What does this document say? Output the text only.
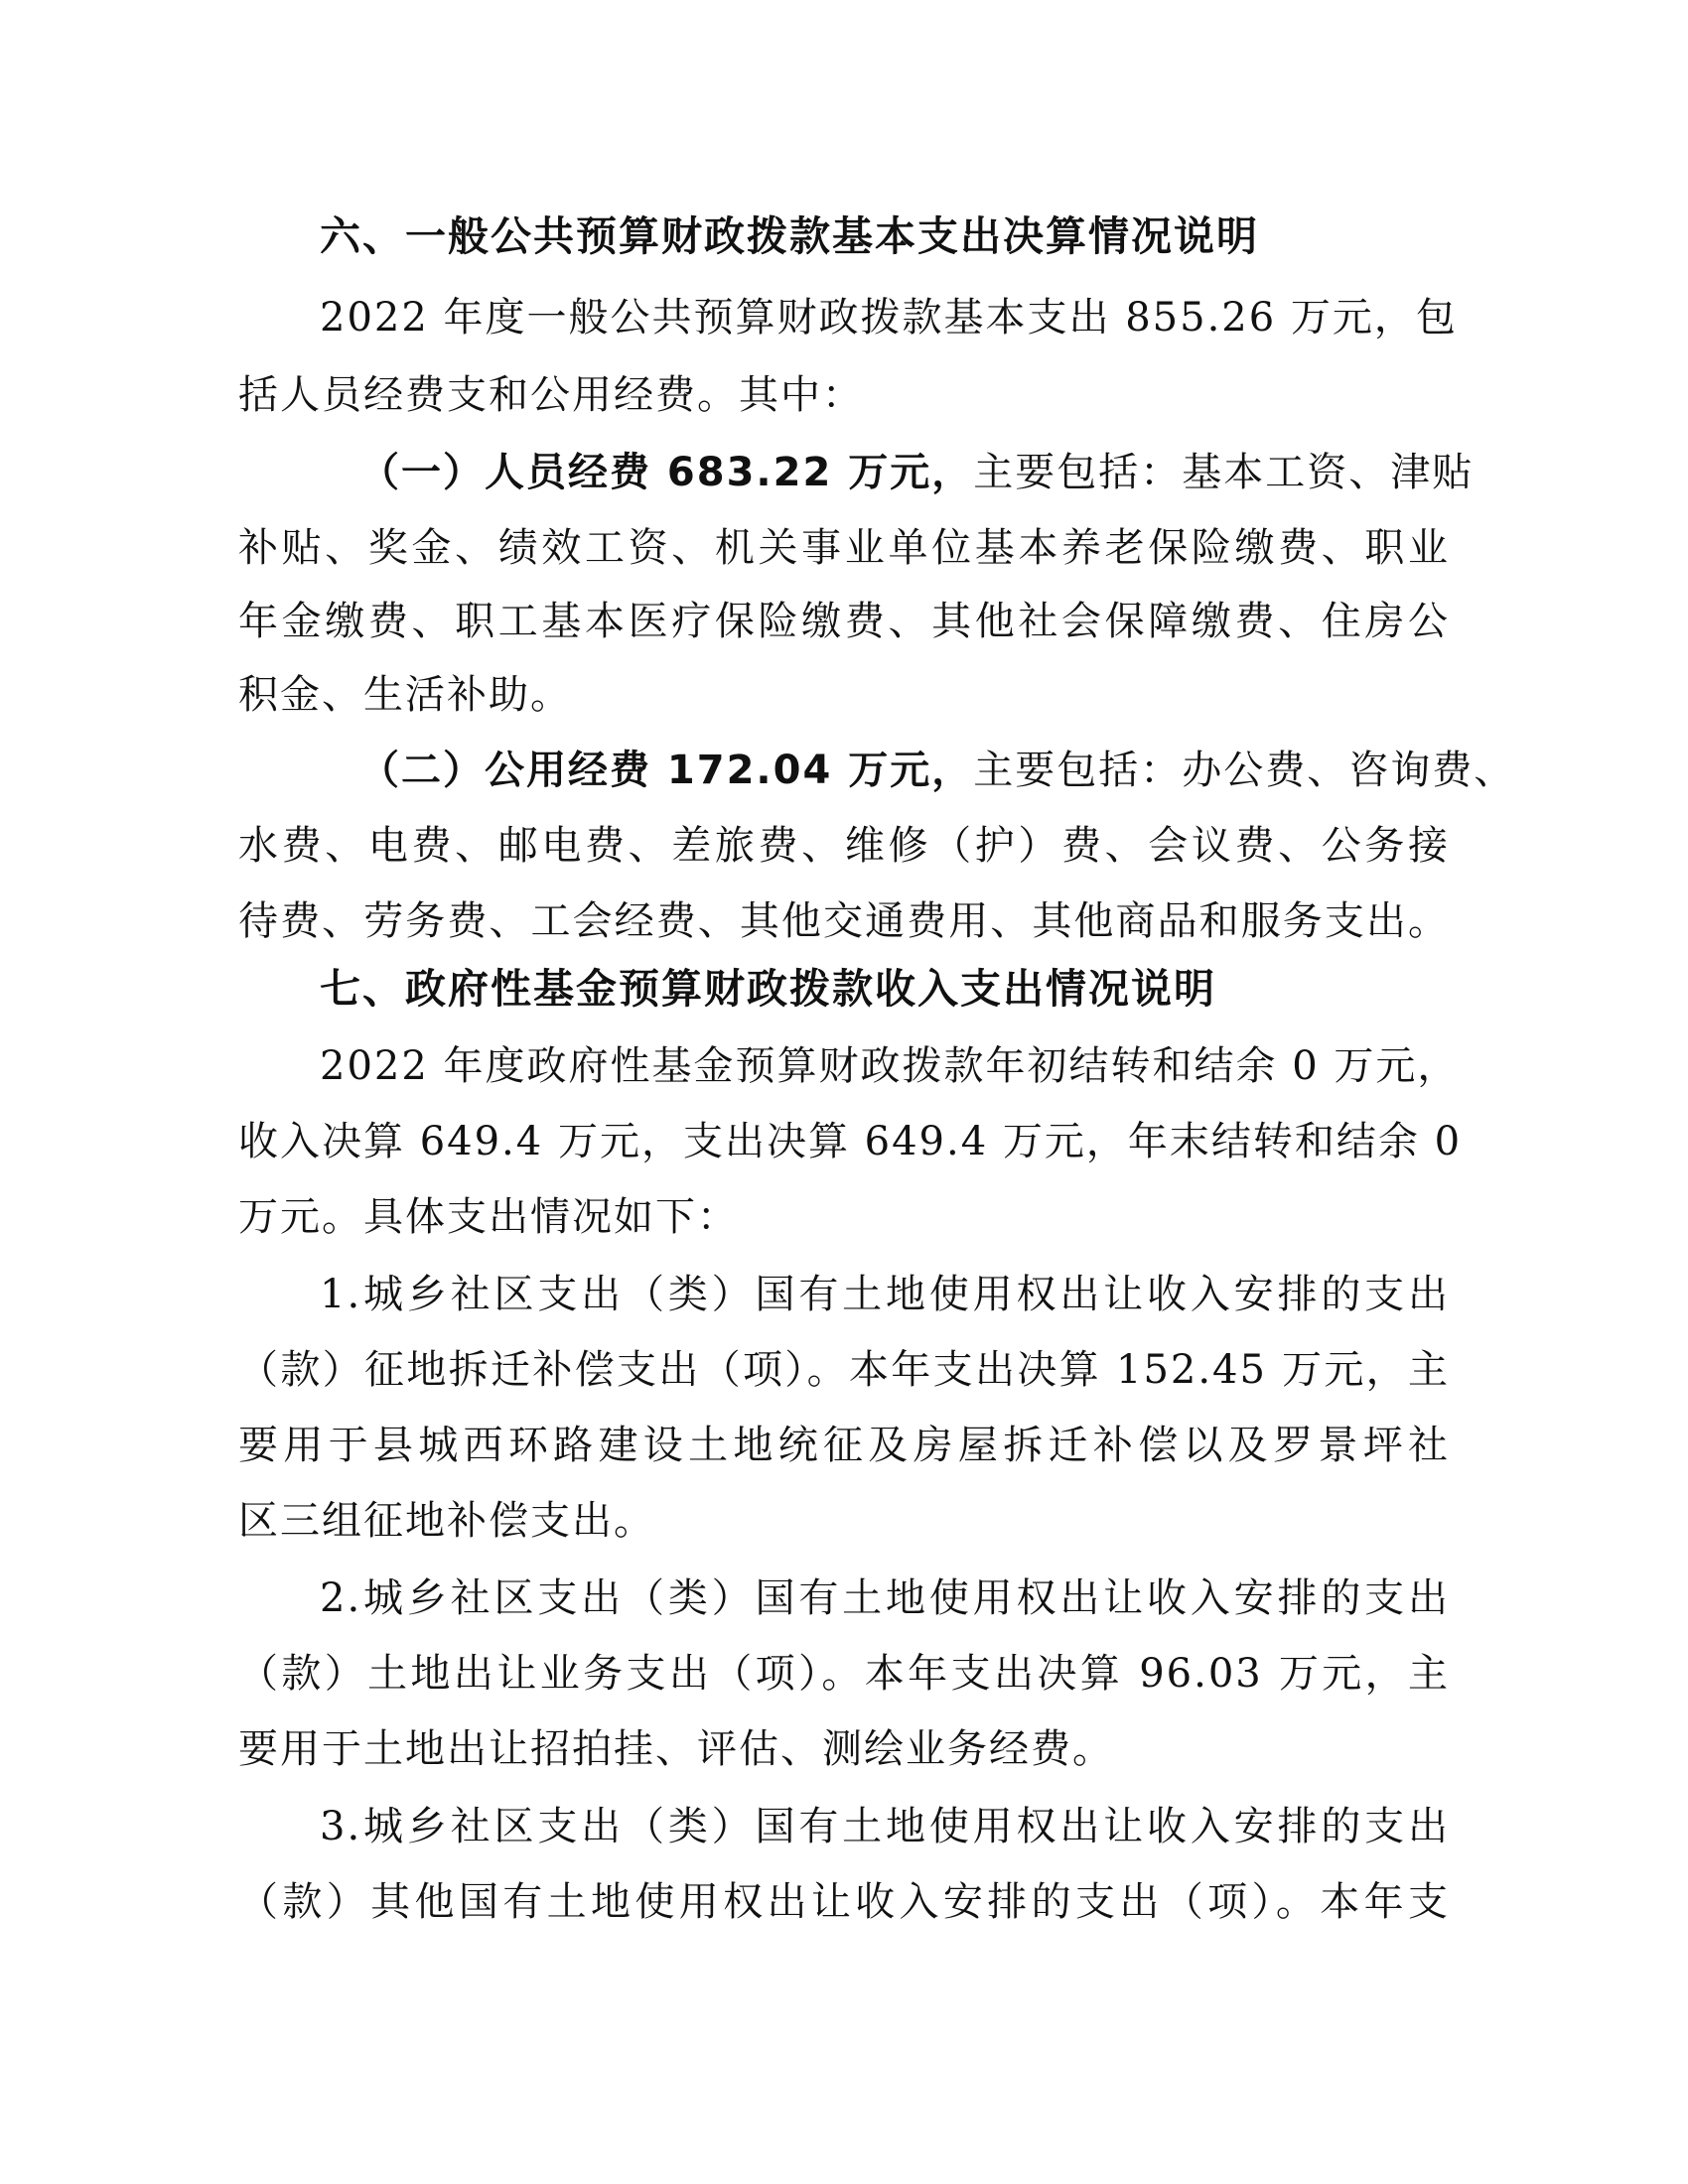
六、一般公共预算财政拨款基本支出决算情况说明
2022 年度一般公共预算财政拨款基本支出 855.26 万元，包
括人员经费支和公用经费。其中：
（一）人员经费 683.22 万元，主要包括：基本工资、津贴
补贴、奖金、绩效工资、机关事业单位基本养老保险缴费、职业
年金缴费、职工基本医疗保险缴费、其他社会保障缴费、住房公
积金、生活补助。
（二）公用经费 172.04 万元，主要包括：办公费、咨询费、
水费、电费、邮电费、差旅费、维修（护）费、会议费、公务接
待费、劳务费、工会经费、其他交通费用、其他商品和服务支出。
七、政府性基金预算财政拨款收入支出情况说明
2022 年度政府性基金预算财政拨款年初结转和结余 0 万元，
收入决算 649.4 万元，支出决算 649.4 万元，年末结转和结余 0
万元。具体支出情况如下：
1.城乡社区支出（类）国有土地使用权出让收入安排的支出
（款）征地拆迁补偿支出（项）。本年支出决算 152.45 万元，主
要用于县城西环路建设土地统征及房屋拆迁补偿以及罗景坪社
区三组征地补偿支出。
2.城乡社区支出（类）国有土地使用权出让收入安排的支出
（款）土地出让业务支出（项）。本年支出决算 96.03 万元，主
要用于土地出让招拍挂、评估、测绘业务经费。
3.城乡社区支出（类）国有土地使用权出让收入安排的支出
（款）其他国有土地使用权出让收入安排的支出（项）。本年支
